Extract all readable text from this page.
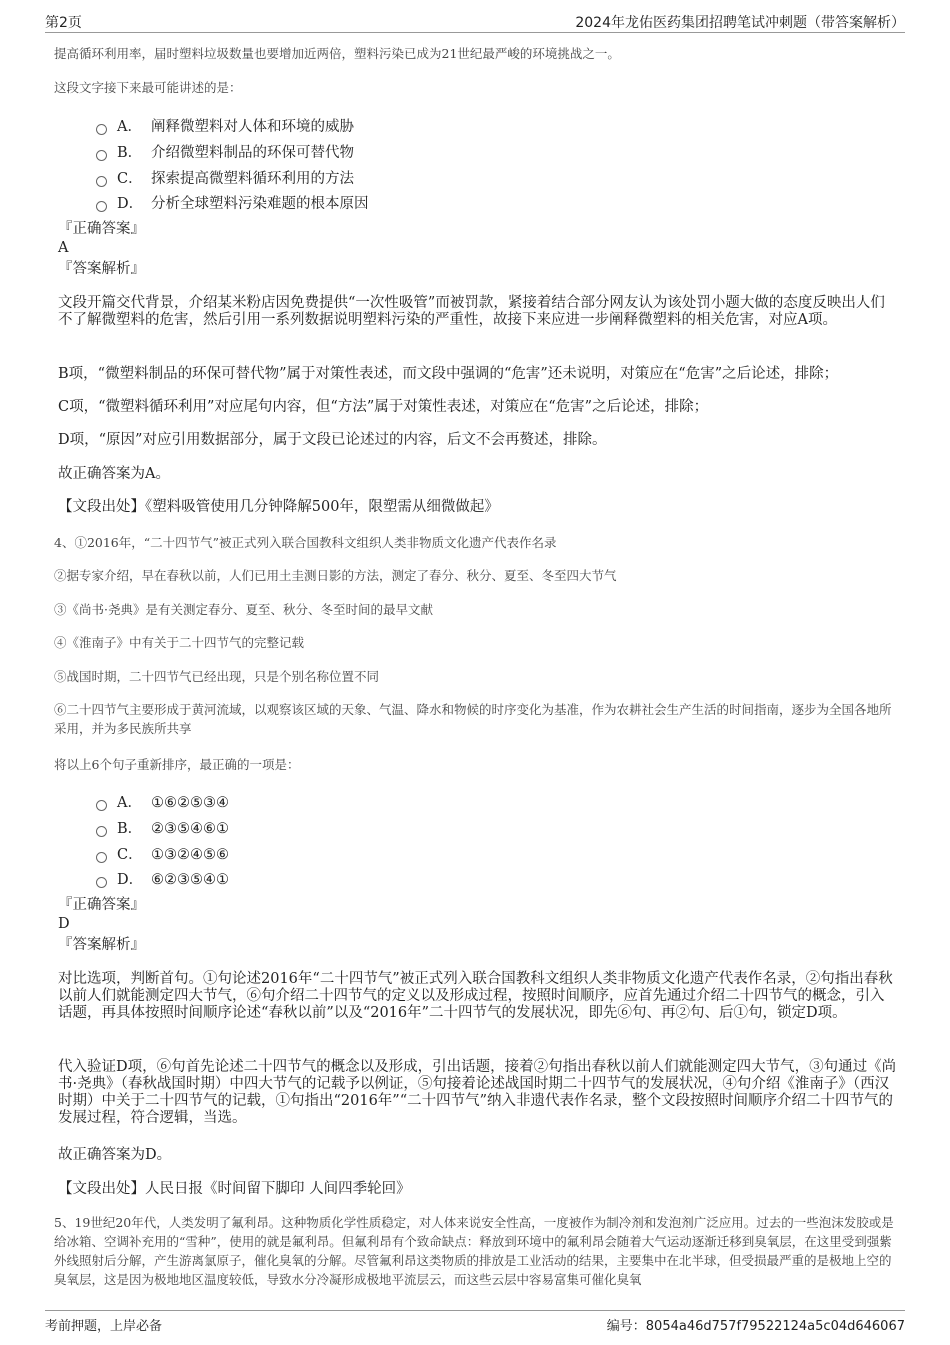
第2页	2024年龙佑医药集团招聘笔试冲刺题（带答案解析）
提高循环利用率，届时塑料垃圾数量也要增加近两倍，塑料污染已成为21世纪最严峻的环境挑战之一。
这段文字接下来最可能讲述的是：
A． 阐释微塑料对人体和环境的威胁
B． 介绍微塑料制品的环保可替代物
C． 探索提高微塑料循环利用的方法
D． 分析全球塑料污染难题的根本原因
『正确答案』
A
『答案解析』
文段开篇交代背景，介绍某米粉店因免费提供“一次性吸管”而被罚款，紧接着结合部分网友认为该处罚小题大做的态度反映出人们不了解微塑料的危害，然后引用一系列数据说明塑料污染的严重性，故接下来应进一步阐释微塑料的相关危害，对应A项。
B项，“微塑料制品的环保可替代物”属于对策性表述，而文段中强调的“危害”还未说明，对策应在“危害”之后论述，排除；
C项，“微塑料循环利用”对应尾句内容，但“方法”属于对策性表述，对策应在“危害”之后论述，排除；
D项，“原因”对应引用数据部分，属于文段已论述过的内容，后文不会再赘述，排除。
故正确答案为A。
【文段出处】《塑料吸管使用几分钟降解500年，限塑需从细微做起》
4、①2016年，“二十四节气”被正式列入联合国教科文组织人类非物质文化遗产代表作名录
②据专家介绍，早在春秋以前，人们已用土圭测日影的方法，测定了春分、秋分、夏至、冬至四大节气
③《尚书·尧典》是有关测定春分、夏至、秋分、冬至时间的最早文献
④《淮南子》中有关于二十四节气的完整记载
⑤战国时期，二十四节气已经出现，只是个别名称位置不同
⑥二十四节气主要形成于黄河流域，以观察该区域的天象、气温、降水和物候的时序变化为基准，作为农耕社会生产生活的时间指南，逐步为全国各地所采用，并为多民族所共享
将以上6个句子重新排序，最正确的一项是：
A． ①⑥②⑤③④
B． ②③⑤④⑥①
C． ①③②④⑤⑥
D． ⑥②③⑤④①
『正确答案』
D
『答案解析』
对比选项，判断首句。①句论述2016年“二十四节气”被正式列入联合国教科文组织人类非物质文化遗产代表作名录，②句指出春秋以前人们就能测定四大节气，⑥句介绍二十四节气的定义以及形成过程，按照时间顺序，应首先通过介绍二十四节气的概念，引入话题，再具体按照时间顺序论述“春秋以前”以及“2016年”二十四节气的发展状况，即先⑥句、再②句、后①句，锁定D项。
代入验证D项，⑥句首先论述二十四节气的概念以及形成，引出话题，接着②句指出春秋以前人们就能测定四大节气，③句通过《尚书·尧典》（春秋战国时期）中四大节气的记载予以例证，⑤句接着论述战国时期二十四节气的发展状况，④句介绍《淮南子》（西汉时期）中关于二十四节气的记载，①句指出“2016年”“二十四节气”纳入非遗代表作名录，整个文段按照时间顺序介绍二十四节气的发展过程，符合逻辑，当选。
故正确答案为D。
【文段出处】人民日报《时间留下脚印 人间四季轮回》
5、19世纪20年代，人类发明了氟利昂。这种物质化学性质稳定，对人体来说安全性高，一度被作为制冷剂和发泡剂广泛应用。过去的一些泡沫发胶或是给冰箱、空调补充用的“雪种”，使用的就是氟利昂。但氟利昂有个致命缺点：释放到环境中的氟利昂会随着大气运动逐渐迁移到臭氧层，在这里受到强紫外线照射后分解，产生游离氯原子，催化臭氧的分解。尽管氟利昂这类物质的排放是工业活动的结果，主要集中在北半球，但受损最严重的是极地上空的臭氧层，这是因为极地地区温度较低，导致水分冷凝形成极地平流层云，而这些云层中容易富集可催化臭氧
考前押题，上岸必备	编号：8054a46d757f79522124a5c04d646067
